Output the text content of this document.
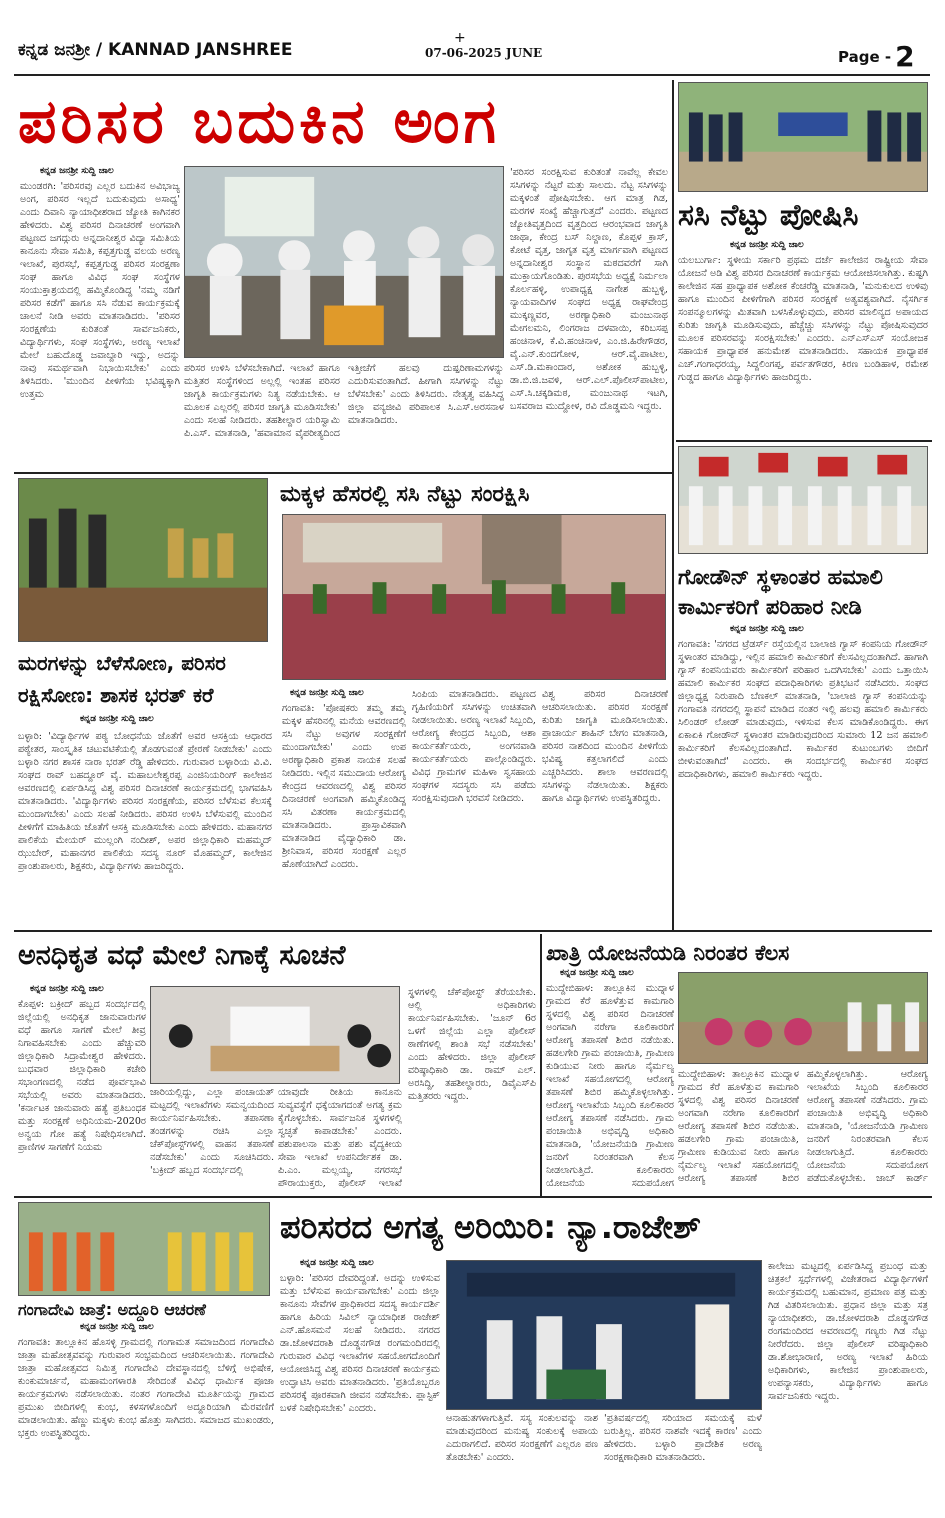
+
ಕನ್ನಡ ಜನಶ್ರೀ / KANNAD JANSHREE	07-06-2025 JUNE	Page - 2
ಪರಿಸರ ಬದುಕಿನ ಅಂಗ
ಕನ್ನಡ ಜನಶ್ರೀ ಸುದ್ದಿ ಜಾಲ
ಮುಂಡರಗಿ: 'ಪರಿಸರವು ಎಲ್ಲರ ಬದುಕಿನ ಅವಿಭಾಜ್ಯ ಅಂಗ, ಪರಿಸರ ಇಲ್ಲದೆ ಬದುಕುವುದು ಅಸಾಧ್ಯ' ಎಂದು ದಿವಾನಿ ನ್ಯಾಯಾಧೀಶರಾದ ಜ್ಯೋತಿ ಕಾಗಿನಕರ ಹೇಳಿದರು. ವಿಶ್ವ ಪರಿಸರ ದಿನಾಚರಣೆ ಅಂಗವಾಗಿ ಪಟ್ಟಣದ ಜಗದ್ಗುರು ಅನ್ನದಾನೀಶ್ವರ ವಿದ್ಯಾ ಸಮಿತಿಯ ಕಾನೂನು ಸೇವಾ ಸಮಿತಿ, ಕಪ್ಪತ್ತಗುಡ್ಡ ವಲಯ ಅರಣ್ಯ ಇಲಾಖೆ, ಪುರಸಭೆ, ಕಪ್ಪತ್ತಗುಡ್ಡ ಪರಿಸರ ಸಂರಕ್ಷಣಾ ಸಂಘ ಹಾಗೂ ವಿವಿಧ ಸಂಘ ಸಂಸ್ಥೆಗಳ ಸಂಯುಕ್ತಾಶ್ರಯದಲ್ಲಿ ಹಮ್ಮಿಕೊಂಡಿದ್ದ 'ನಮ್ಮ ನಡಿಗೆ ಪರಿಸರ ಕಡೆಗೆ' ಹಾಗೂ ಸಸಿ ನೆಡುವ ಕಾರ್ಯಕ್ರಮಕ್ಕೆ ಚಾಲನೆ ನೀಡಿ ಅವರು ಮಾತನಾಡಿದರು. 'ಪರಿಸರ ಸಂರಕ್ಷಣೆಯ ಕುರಿತಂತೆ ಸಾರ್ವಜನಿಕರು, ವಿದ್ಯಾರ್ಥಿಗಳು, ಸಂಘ ಸಂಸ್ಥೆಗಳು, ಅರಣ್ಯ ಇಲಾಖೆ ಮೇಲೆ ಬಹುದೊಡ್ಡ ಜವಾಬ್ದಾರಿ ಇದ್ದು, ಅದನ್ನು ನಾವು ಸಮರ್ಥವಾಗಿ ನಿಭಾಯಿಸಬೇಕು' ಎಂದು ತಿಳಿಸಿದರು. 'ಮುಂದಿನ ಪೀಳಿಗೆಯ ಭವಿಷ್ಯಕ್ಕಾಗಿ ಉತ್ತಮ
ಪರಿಸರ ಉಳಿಸಿ ಬೆಳೆಸಬೇಕಾಗಿದೆ. ಇಲಾಖೆ ಹಾಗೂ ಮತ್ತಿತರ ಸಂಸ್ಥೆಗಳಿಂದ ಅಲ್ಲಲ್ಲಿ ಇಂತಹ ಪರಿಸರ ಜಾಗೃತಿ ಕಾರ್ಯಕ್ರಮಗಳು ನಿತ್ಯ ನಡೆಯಬೇಕು. ಆ ಮೂಲಕ ಎಲ್ಲರಲ್ಲಿ ಪರಿಸರ ಜಾಗೃತಿ ಮೂಡಿಸಬೇಕು' ಎಂದು ಸಲಹೆ ನೀಡಿದರು. ತಹಶೀಲ್ದಾರ ಯರಿಸ್ವಾಮಿ ಪಿ.ಎಸ್. ಮಾತನಾಡಿ, 'ಹವಾಮಾನ ವೈಪರೀತ್ಯದಿಂದ ಇತ್ತೀಚೆಗೆ ಹಲವು ದುಷ್ಪರಿಣಾಮಗಳನ್ನು ಎದುರಿಸುವಂತಾಗಿದೆ. ಹೀಗಾಗಿ ಸಸಿಗಳನ್ನು ನೆಟ್ಟು ಬೆಳೆಸಬೇಕು' ಎಂದು ತಿಳಿಸಿದರು. ನೇತೃತ್ವ ವಹಿಸಿದ್ದ ಜಿಲ್ಲಾ ವನ್ಯಜೀವಿ ಪರಿಪಾಲಕ ಸಿ.ಎಸ್.ಅರಸನಾಳ ಮಾತನಾಡಿದರು.
'ಪರಿಸರ ಸಂರಕ್ಷಿಸುವ ಕುರಿತಂತೆ ನಾವೆಲ್ಲ ಕೇವಲ ಸಸಿಗಳನ್ನು ನೆಟ್ಟರೆ ಮತ್ತು ಸಾಲದು. ನೆಟ್ಟ ಸಸಿಗಳನ್ನು ಮಕ್ಕಳಂತೆ ಪೋಷಿಸಬೇಕು. ಆಗ ಮಾತ್ರ ಗಿಡ, ಮರಗಳ ಸಂಖ್ಯೆ ಹೆಚ್ಚಾಗುತ್ತದೆ' ಎಂದರು. ಪಟ್ಟಣದ ಜ್ಯೋತಿವೃತ್ತದಿಂದ ವೃತ್ತದಿಂದ ಆರಂಭವಾದ ಜಾಗೃತಿ ಜಾಥಾ, ಕೇಂದ್ರ ಬಸ್ ನಿಲ್ದಾಣ, ಕೊಪ್ಪಳ ಕ್ರಾಸ್, ಕೋಟೆ ವೃತ್ತ, ಜಾಗೃತ ವೃತ್ತ ಮಾರ್ಗವಾಗಿ ಪಟ್ಟಣದ ಅನ್ನದಾನೀಶ್ವರ ಸಂಸ್ಥಾನ ಮಠದವರೆಗೆ ಸಾಗಿ ಮುಕ್ತಾಯಗೊಂಡಿತು. ಪುರಸಭೆಯ ಅಧ್ಯಕ್ಷೆ ನಿರ್ಮಲಾ ಕೊರ್ಲಹಳ್ಳಿ, ಉಪಾಧ್ಯಕ್ಷ ನಾಗೇಶ ಹುಬ್ಬಳ್ಳಿ, ನ್ಯಾಯವಾದಿಗಳ ಸಂಘದ ಅಧ್ಯಕ್ಷ ರಾಘವೇಂದ್ರ ಮುಕ್ಕಣ್ಣವರ, ಅರಣ್ಯಾಧಿಕಾರಿ ಮಂಜುನಾಥ ಮೇಗಲಮನಿ, ಲಿಂಗರಾಜ ದಳವಾಯಿ, ಕರಿಬಸಪ್ಪ ಹಂಚಿನಾಳ, ಕೆ.ವಿ.ಹಂಚಿನಾಳ, ಎಂ.ಜಿ.ಹಿರೇಗೌಡರ, ವೈ.ಎನ್.ಕುಂದಗೋಳ, ಆರ್.ವೈ.ಪಾಟೀಲ, ಎಸ್.ಡಿ.ಮಕಾಂದಾರ, ಅಶೋಕ ಹುಬ್ಬಳ್ಳಿ, ಡಾ.ಬಿ.ಜಿ.ಜವಳಿ, ಆರ್.ಎಲ್.ಪೊಲೀಸ್‌ಪಾಟೀಲ, ಎಸ್.ಸಿ.ಚಕ್ಕಡಿಮಠ, ಮಂಜುನಾಥ ಇಟಗಿ, ಬಸವರಾಜ ಮುದ್ದೋಳ, ರವಿ ದೊಡ್ಡಮನಿ ಇದ್ದರು.
ಸಸಿ ನೆಟ್ಟು ಪೋಷಿಸಿ
ಕನ್ನಡ ಜನಶ್ರೀ ಸುದ್ದಿ ಜಾಲ
ಯಲಬುರ್ಗಾ: ಸ್ಥಳೀಯ ಸರ್ಕಾರಿ ಪ್ರಥಮ ದರ್ಜೆ ಕಾಲೇಜಿನ ರಾಷ್ಟ್ರೀಯ ಸೇವಾ ಯೋಜನೆ ಅಡಿ ವಿಶ್ವ ಪರಿಸರ ದಿನಾಚರಣೆ ಕಾರ್ಯಕ್ರಮ ಆಯೋಜಿಸಲಾಗಿತ್ತು. ಕುಷ್ಟಗಿ ಕಾಲೇಜಿನ ಸಹ ಪ್ರಾಧ್ಯಾಪಕ ಅಶೋಕ ಕೆಂಚರೆಡ್ಡಿ ಮಾತನಾಡಿ, 'ಮನುಕುಲದ ಉಳಿವು ಹಾಗೂ ಮುಂದಿನ ಪೀಳಿಗೆಗಾಗಿ ಪರಿಸರ ಸಂರಕ್ಷಣೆ ಅತ್ಯವಶ್ಯವಾಗಿದೆ. ನೈಸರ್ಗಿಕ ಸಂಪನ್ಮೂಲಗಳನ್ನು ಮಿತವಾಗಿ ಬಳಸಿಕೊಳ್ಳುವುದು, ಪರಿಸರ ಮಾಲಿನ್ಯದ ಅಪಾಯದ ಕುರಿತು ಜಾಗೃತಿ ಮೂಡಿಸುವುದು, ಹೆಚ್ಚೆಚ್ಚು ಸಸಿಗಳನ್ನು ನೆಟ್ಟು ಪೋಷಿಸುವುದರ ಮೂಲಕ ಪರಿಸರವನ್ನು ಸಂರಕ್ಷಿಸಬೇಕು' ಎಂದರು. ಎನ್‌ಎಸ್‌ಎಸ್ ಸಂಯೋಜಕ ಸಹಾಯಕ ಪ್ರಾಧ್ಯಾಪಕ ಹನುಮೇಶ ಮಾತನಾಡಿದರು. ಸಹಾಯಕ ಪ್ರಾಧ್ಯಾಪಕ ಎಚ್.ಗಂಗಾಧರಯ್ಯ, ಸಿದ್ದಲಿಂಗಪ್ಪ, ಪರ್ವತಗೌಡರ, ಕಿರಣ ಬಂಡಿಹಾಳ, ರಮೇಶ ಗುಡ್ಡದ ಹಾಗೂ ವಿದ್ಯಾರ್ಥಿಗಳು ಹಾಜರಿದ್ದರು.
ಮರಗಳನ್ನು ಬೆಳೆಸೋಣ, ಪರಿಸರ
ರಕ್ಷಿಸೋಣ: ಶಾಸಕ ಭರತ್ ಕರೆ
ಕನ್ನಡ ಜನಶ್ರೀ ಸುದ್ದಿ ಜಾಲ
ಬಳ್ಳಾರಿ: 'ವಿದ್ಯಾರ್ಥಿಗಳ ಪಠ್ಯ ಬೋಧನೆಯ ಜೊತೆಗೆ ಅವರ ಆಸಕ್ತಿಯ ಆಧಾರದ ಪಠ್ಯೇತರ, ಸಾಂಸ್ಕೃತಿಕ ಚಟುವಟಿಕೆಯಲ್ಲಿ ತೊಡಗುವಂತೆ ಪ್ರೇರಣೆ ನೀಡಬೇಕು' ಎಂದು ಬಳ್ಳಾರಿ ನಗರ ಶಾಸಕ ನಾರಾ ಭರತ್ ರೆಡ್ಡಿ ಹೇಳಿದರು. ಗುರುವಾರ ಬಳ್ಳಾರಿಯ ವಿ.ವಿ. ಸಂಘದ ರಾವ್ ಬಹದ್ದೂರ್ ವೈ. ಮಹಾಬಲೇಶ್ವರಪ್ಪ ಎಂಜಿನಿಯರಿಂಗ್ ಕಾಲೇಜಿನ ಆವರಣದಲ್ಲಿ ಏರ್ಪಡಿಸಿದ್ದ ವಿಶ್ವ ಪರಿಸರ ದಿನಾಚರಣೆ ಕಾರ್ಯಕ್ರಮದಲ್ಲಿ ಭಾಗವಹಿಸಿ ಮಾತನಾಡಿದರು. 'ವಿದ್ಯಾರ್ಥಿಗಳು ಪರಿಸರ ಸಂರಕ್ಷಣೆಯ, ಪರಿಸರ ಬೆಳೆಸುವ ಕೆಲಸಕ್ಕೆ ಮುಂದಾಗಬೇಕು' ಎಂದು ಸಲಹೆ ನೀಡಿದರು. ಪರಿಸರ ಉಳಿಸಿ ಬೆಳೆಸುವಲ್ಲಿ ಮುಂದಿನ ಪೀಳಿಗೆಗೆ ಮಾಹಿತಿಯ ಜೊತೆಗೆ ಆಸಕ್ತಿ ಮೂಡಿಸಬೇಕು ಎಂದು ಹೇಳಿದರು. ಮಹಾನಗರ ಪಾಲಿಕೆಯ ಮೇಯರ್ ಮುಲ್ಲಂಗಿ ನಂದೀಶ್, ಅಪರ ಜಿಲ್ಲಾಧಿಕಾರಿ ಮಹಮ್ಮದ್ ಝುಬೇರ್, ಮಹಾನಗರ ಪಾಲಿಕೆಯ ಸದಸ್ಯ ನೂರ್ ಮೊಹಮ್ಮದ್, ಕಾಲೇಜಿನ ಪ್ರಾಂಶುಪಾಲರು, ಶಿಕ್ಷಕರು, ವಿದ್ಯಾರ್ಥಿಗಳು ಹಾಜರಿದ್ದರು.
ಮಕ್ಕಳ ಹೆಸರಲ್ಲಿ ಸಸಿ ನೆಟ್ಟು ಸಂರಕ್ಷಿಸಿ
ಕನ್ನಡ ಜನಶ್ರೀ ಸುದ್ದಿ ಜಾಲ
ಗಂಗಾವತಿ: 'ಪೋಷಕರು ತಮ್ಮ ತಮ್ಮ ಮಕ್ಕಳ ಹೆಸರಿನಲ್ಲಿ ಮನೆಯ ಆವರಣದಲ್ಲಿ ಸಸಿ ನೆಟ್ಟು ಅವುಗಳ ಸಂರಕ್ಷಣೆಗೆ ಮುಂದಾಗಬೇಕು' ಎಂದು ಉಪ ಅರಣ್ಯಾಧಿಕಾರಿ ಪ್ರಕಾಶ ನಾಯಕ ಸಲಹೆ ನೀಡಿದರು. ಇಲ್ಲಿನ ಸಮುದಾಯ ಆರೋಗ್ಯ ಕೇಂದ್ರದ ಆವರಣದಲ್ಲಿ ವಿಶ್ವ ಪರಿಸರ ದಿನಾಚರಣೆ ಅಂಗವಾಗಿ ಹಮ್ಮಿಕೊಂಡಿದ್ದ ಸಸಿ ವಿತರಣಾ ಕಾರ್ಯಕ್ರಮದಲ್ಲಿ ಮಾತನಾಡಿದರು. ಪ್ರಾಸ್ತಾವಿಕವಾಗಿ ಮಾತನಾಡಿದ ವೈದ್ಯಾಧಿಕಾರಿ ಡಾ. ಶ್ರೀನಿವಾಸ, ಪರಿಸರ ಸಂರಕ್ಷಣೆ ಎಲ್ಲರ ಹೊಣೆಯಾಗಿದೆ ಎಂದರು.
ಸಿಂಪಿಯ ಮಾತನಾಡಿದರು. ಪಟ್ಟಣದ ಗೃಹಿಣಿಯರಿಗೆ ಸಸಿಗಳನ್ನು ಉಚಿತವಾಗಿ ನೀಡಲಾಯಿತು. ಅರಣ್ಯ ಇಲಾಖೆ ಸಿಬ್ಬಂದಿ, ಆರೋಗ್ಯ ಕೇಂದ್ರದ ಸಿಬ್ಬಂದಿ, ಆಶಾ ಕಾರ್ಯಕರ್ತೆಯರು, ಅಂಗನವಾಡಿ ಕಾರ್ಯಕರ್ತೆಯರು ಪಾಲ್ಗೊಂಡಿದ್ದರು. ವಿವಿಧ ಗ್ರಾಮಗಳ ಮಹಿಳಾ ಸ್ವಸಹಾಯ ಸಂಘಗಳ ಸದಸ್ಯರು ಸಸಿ ಪಡೆದು ಸಂರಕ್ಷಿಸುವುದಾಗಿ ಭರವಸೆ ನೀಡಿದರು.
ವಿಶ್ವ ಪರಿಸರ ದಿನಾಚರಣೆ ಆಚರಿಸಲಾಯಿತು. ಪರಿಸರ ಸಂರಕ್ಷಣೆ ಕುರಿತು ಜಾಗೃತಿ ಮೂಡಿಸಲಾಯಿತು. ಪ್ರಾಚಾರ್ಯ ಶಾಹಿನ್ ಬೇಗಂ ಮಾತನಾಡಿ, ಪರಿಸರ ನಾಶದಿಂದ ಮುಂದಿನ ಪೀಳಿಗೆಯ ಭವಿಷ್ಯ ಕತ್ತಲಾಗಲಿದೆ ಎಂದು ಎಚ್ಚರಿಸಿದರು. ಶಾಲಾ ಆವರಣದಲ್ಲಿ ಸಸಿಗಳನ್ನು ನೆಡಲಾಯಿತು. ಶಿಕ್ಷಕರು ಹಾಗೂ ವಿದ್ಯಾರ್ಥಿಗಳು ಉಪಸ್ಥಿತರಿದ್ದರು.
ಗೋಡೌನ್ ಸ್ಥಳಾಂತರ ಹಮಾಲಿ
ಕಾರ್ಮಿಕರಿಗೆ ಪರಿಹಾರ ನೀಡಿ
ಕನ್ನಡ ಜನಶ್ರೀ ಸುದ್ದಿ ಜಾಲ
ಗಂಗಾವತಿ: 'ನಗರದ ಟ್ರೆಡರ್ಸ್ ರಸ್ತೆಯಲ್ಲಿನ ಬಾಲಾಜಿ ಗ್ಯಾಸ್ ಕಂಪನಿಯ ಗೋಡೌನ್ ಸ್ಥಳಾಂತರ ಮಾಡಿದ್ದು, ಇಲ್ಲಿನ ಹಮಾಲಿ ಕಾರ್ಮಿಕರಿಗೆ ಕೆಲಸವಿಲ್ಲದಂತಾಗಿದೆ. ಹಾಗಾಗಿ ಗ್ಯಾಸ್ ಕಂಪನಿಯವರು ಕಾರ್ಮಿಕರಿಗೆ ಪರಿಹಾರ ಒದಗಿಸಬೇಕು' ಎಂದು ಒತ್ತಾಯಿಸಿ ಹಮಾಲಿ ಕಾರ್ಮಿಕರ ಸಂಘದ ಪದಾಧಿಕಾರಿಗಳು ಪ್ರತಿಭಟನೆ ನಡೆಸಿದರು. ಸಂಘದ ಜಿಲ್ಲಾಧ್ಯಕ್ಷ ನಿರುಪಾದಿ ಬೆಣಕಲ್ ಮಾತನಾಡಿ, 'ಬಾಲಾಜಿ ಗ್ಯಾಸ್ ಕಂಪನಿಯನ್ನು ಗಂಗಾವತಿ ನಗರದಲ್ಲಿ ಸ್ಥಾಪನೆ ಮಾಡಿದ ನಂತರ ಇಲ್ಲಿ ಹಲವು ಹಮಾಲಿ ಕಾರ್ಮಿಕರು ಸಿಲಿಂಡರ್ ಲೋಡ್ ಮಾಡುವುದು, ಇಳಿಸುವ ಕೆಲಸ ಮಾಡಿಕೊಂಡಿದ್ದರು. ಈಗ ಏಕಾಏಕಿ ಗೋಡೌನ್ ಸ್ಥಳಾಂತರ ಮಾಡಿರುವುದರಿಂದ ಸುಮಾರು 12 ಜನ ಹಮಾಲಿ ಕಾರ್ಮಿಕರಿಗೆ ಕೆಲಸವಿಲ್ಲದಂತಾಗಿದೆ. ಕಾರ್ಮಿಕರ ಕುಟುಂಬಗಳು ಬೀದಿಗೆ ಬೀಳುವಂತಾಗಿದೆ' ಎಂದರು. ಈ ಸಂದರ್ಭದಲ್ಲಿ ಕಾರ್ಮಿಕರ ಸಂಘದ ಪದಾಧಿಕಾರಿಗಳು, ಹಮಾಲಿ ಕಾರ್ಮಿಕರು ಇದ್ದರು.
ಅನಧಿಕೃತ ವಧೆ ಮೇಲೆ ನಿಗಾಕ್ಕೆ ಸೂಚನೆ
ಕನ್ನಡ ಜನಶ್ರೀ ಸುದ್ದಿ ಜಾಲ
ಕೊಪ್ಪಳ: ಬಕ್ರೀದ್ ಹಬ್ಬದ ಸಂದರ್ಭದಲ್ಲಿ ಜಿಲ್ಲೆಯಲ್ಲಿ ಅನಧಿಕೃತ ಜಾನುವಾರುಗಳ ವಧೆ ಹಾಗೂ ಸಾಗಣೆ ಮೇಲೆ ತೀವ್ರ ನಿಗಾವಹಿಸಬೇಕು ಎಂದು ಹೆಚ್ಚುವರಿ ಜಿಲ್ಲಾಧಿಕಾರಿ ಸಿದ್ರಾಮೇಶ್ವರ ಹೇಳಿದರು. ಬುಧವಾರ ಜಿಲ್ಲಾಧಿಕಾರಿ ಕಚೇರಿ ಸಭಾಂಗಣದಲ್ಲಿ ನಡೆದ ಪೂರ್ವಭಾವಿ ಸಭೆಯಲ್ಲಿ ಅವರು ಮಾತನಾಡಿದರು. 'ಕರ್ನಾಟಕ ಜಾನುವಾರು ಹತ್ಯೆ ಪ್ರತಿಬಂಧಕ ಮತ್ತು ಸಂರಕ್ಷಣೆ ಅಧಿನಿಯಮ-2020ರ ಅನ್ವಯ ಗೋ ಹತ್ಯೆ ನಿಷೇಧಿಸಲಾಗಿದೆ. ಪ್ರಾಣಿಗಳ ಸಾಗಣೆಗೆ ನಿಯಮ
ಜಾರಿಯಲ್ಲಿದ್ದು, ಎಲ್ಲಾ ಪಂಚಾಯತ್ ಮಟ್ಟದಲ್ಲಿ ಇಲಾಖೆಗಳು ಸಮನ್ವಯದಿಂದ ಕಾರ್ಯನಿರ್ವಹಿಸಬೇಕು. ತಪಾಸಣಾ ತಂಡಗಳನ್ನು ರಚಿಸಿ ಎಲ್ಲಾ ಚೆಕ್‌ಪೋಸ್ಟ್‌ಗಳಲ್ಲಿ ವಾಹನ ತಪಾಸಣೆ ನಡೆಸಬೇಕು' ಎಂದು ಸೂಚಿಸಿದರು. 'ಬಕ್ರೀದ್ ಹಬ್ಬದ ಸಂದರ್ಭದಲ್ಲಿ
ಯಾವುದೇ ರೀತಿಯ ಕಾನೂನು ಸುವ್ಯವಸ್ಥೆಗೆ ಧಕ್ಕೆಯಾಗದಂತೆ ಅಗತ್ಯ ಕ್ರಮ ಕೈಗೊಳ್ಳಬೇಕು. ಸಾರ್ವಜನಿಕ ಸ್ಥಳಗಳಲ್ಲಿ ಸ್ವಚ್ಛತೆ ಕಾಪಾಡಬೇಕು' ಎಂದರು. ಪಶುಪಾಲನಾ ಮತ್ತು ಪಶು ವೈದ್ಯಕೀಯ ಸೇವಾ ಇಲಾಖೆ ಉಪನಿರ್ದೇಶಕ ಡಾ. ಪಿ.ಎಂ. ಮಲ್ಲಯ್ಯ, ನಗರಸಭೆ ಪೌರಾಯುಕ್ತರು, ಪೊಲೀಸ್ ಇಲಾಖೆ
ಸ್ಥಳಗಳಲ್ಲಿ ಚೆಕ್‌ಪೋಸ್ಟ್ ತೆರೆಯಬೇಕು. ಆಲ್ಲಿ ಅಧಿಕಾರಿಗಳು ಕಾರ್ಯನಿರ್ವಹಿಸಬೇಕು. 'ಜೂನ್ 6ರ ಒಳಗೆ ಜಿಲ್ಲೆಯ ಎಲ್ಲಾ ಪೊಲೀಸ್ ಠಾಣೆಗಳಲ್ಲಿ ಶಾಂತಿ ಸಭೆ ನಡೆಸಬೇಕು' ಎಂದು ಹೇಳಿದರು. ಜಿಲ್ಲಾ ಪೊಲೀಸ್ ವರಿಷ್ಠಾಧಿಕಾರಿ ಡಾ. ರಾಮ್ ಎಲ್. ಅರಸಿದ್ದಿ, ತಹಶೀಲ್ದಾರರು, ಡಿವೈಎಸ್‌ಪಿ ಮತ್ತಿತರರು ಇದ್ದರು.
ಖಾತ್ರಿ ಯೋಜನೆಯಡಿ ನಿರಂತರ ಕೆಲಸ
ಕನ್ನಡ ಜನಶ್ರೀ ಸುದ್ದಿ ಜಾಲ
ಮುದ್ದೇಬಿಹಾಳ: ತಾಲ್ಲೂಕಿನ ಮುದ್ನಾಳ ಗ್ರಾಮದ ಕೆರೆ ಹೂಳೆತ್ತುವ ಕಾಮಗಾರಿ ಸ್ಥಳದಲ್ಲಿ ವಿಶ್ವ ಪರಿಸರ ದಿನಾಚರಣೆ ಅಂಗವಾಗಿ ನರೇಗಾ ಕೂಲಿಕಾರರಿಗೆ ಆರೋಗ್ಯ ತಪಾಸಣೆ ಶಿಬಿರ ನಡೆಯಿತು. ಹಡಲಗೇರಿ ಗ್ರಾಮ ಪಂಚಾಯಿತಿ, ಗ್ರಾಮೀಣ ಕುಡಿಯುವ ನೀರು ಹಾಗೂ ನೈರ್ಮಲ್ಯ ಇಲಾಖೆ ಸಹಯೋಗದಲ್ಲಿ ಆರೋಗ್ಯ ತಪಾಸಣೆ ಶಿಬಿರ ಹಮ್ಮಿಕೊಳ್ಳಲಾಗಿತ್ತು. ಆರೋಗ್ಯ ಇಲಾಖೆಯ ಸಿಬ್ಬಂದಿ ಕೂಲಿಕಾರರ ಆರೋಗ್ಯ ತಪಾಸಣೆ ನಡೆಸಿದರು. ಗ್ರಾಮ ಪಂಚಾಯಿತಿ ಅಭಿವೃದ್ಧಿ ಅಧಿಕಾರಿ ಮಾತನಾಡಿ, 'ಯೋಜನೆಯಡಿ ಗ್ರಾಮೀಣ ಜನರಿಗೆ ನಿರಂತರವಾಗಿ ಕೆಲಸ ನೀಡಲಾಗುತ್ತಿದೆ. ಕೂಲಿಕಾರರು ಯೋಜನೆಯ ಸದುಪಯೋಗ
ಮುದ್ದೇಬಿಹಾಳ: ತಾಲ್ಲೂಕಿನ ಮುದ್ನಾಳ ಗ್ರಾಮದ ಕೆರೆ ಹೂಳೆತ್ತುವ ಕಾಮಗಾರಿ ಸ್ಥಳದಲ್ಲಿ ವಿಶ್ವ ಪರಿಸರ ದಿನಾಚರಣೆ ಅಂಗವಾಗಿ ನರೇಗಾ ಕೂಲಿಕಾರರಿಗೆ ಆರೋಗ್ಯ ತಪಾಸಣೆ ಶಿಬಿರ ನಡೆಯಿತು. ಹಡಲಗೇರಿ ಗ್ರಾಮ ಪಂಚಾಯಿತಿ, ಗ್ರಾಮೀಣ ಕುಡಿಯುವ ನೀರು ಹಾಗೂ ನೈರ್ಮಲ್ಯ ಇಲಾಖೆ ಸಹಯೋಗದಲ್ಲಿ ಆರೋಗ್ಯ ತಪಾಸಣೆ ಶಿಬಿರ ಹಮ್ಮಿಕೊಳ್ಳಲಾಗಿತ್ತು. ಆರೋಗ್ಯ ಇಲಾಖೆಯ ಸಿಬ್ಬಂದಿ ಕೂಲಿಕಾರರ ಆರೋಗ್ಯ ತಪಾಸಣೆ ನಡೆಸಿದರು. ಗ್ರಾಮ ಪಂಚಾಯಿತಿ ಅಭಿವೃದ್ಧಿ ಅಧಿಕಾರಿ ಮಾತನಾಡಿ, 'ಯೋಜನೆಯಡಿ ಗ್ರಾಮೀಣ ಜನರಿಗೆ ನಿರಂತರವಾಗಿ ಕೆಲಸ ನೀಡಲಾಗುತ್ತಿದೆ. ಕೂಲಿಕಾರರು ಯೋಜನೆಯ ಸದುಪಯೋಗ ಪಡೆದುಕೊಳ್ಳಬೇಕು. ಜಾಬ್ ಕಾರ್ಡ್
ಗಂಗಾದೇವಿ ಜಾತ್ರೆ: ಅದ್ದೂರಿ ಆಚರಣೆ
ಕನ್ನಡ ಜನಶ್ರೀ ಸುದ್ದಿ ಜಾಲ
ಗಂಗಾವತಿ: ತಾಲ್ಲೂಕಿನ ಹೊಸಳ್ಳಿ ಗ್ರಾಮದಲ್ಲಿ ಗಂಗಾಮತ ಸಮಾಜದಿಂದ ಗಂಗಾದೇವಿ ಜಾತ್ರಾ ಮಹೋತ್ಸವವನ್ನು ಗುರುವಾರ ಸಂಭ್ರಮದಿಂದ ಆಚರಿಸಲಾಯಿತು. ಗಂಗಾದೇವಿ ಜಾತ್ರಾ ಮಹೋತ್ಸವದ ನಿಮಿತ್ತ ಗಂಗಾದೇವಿ ದೇವಸ್ಥಾನದಲ್ಲಿ ಬೆಳಿಗ್ಗೆ ಅಭಿಷೇಕ, ಕುಂಕುಮಾರ್ಚನೆ, ಮಹಾಮಂಗಳಾರತಿ ಸೇರಿದಂತೆ ವಿವಿಧ ಧಾರ್ಮಿಕ ಪೂಜಾ ಕಾರ್ಯಕ್ರಮಗಳು ನಡೆಸಲಾಯಿತು. ನಂತರ ಗಂಗಾದೇವಿ ಮೂರ್ತಿಯನ್ನು ಗ್ರಾಮದ ಪ್ರಮುಖ ಬೀದಿಗಳಲ್ಲಿ ಕುಂಭ, ಕಳಸಗಳೊಂದಿಗೆ ಅದ್ದೂರಿಯಾಗಿ ಮೆರವಣಿಗೆ ಮಾಡಲಾಯಿತು. ಹೆಣ್ಣು ಮಕ್ಕಳು ಕುಂಭ ಹೊತ್ತು ಸಾಗಿದರು. ಸಮಾಜದ ಮುಖಂಡರು, ಭಕ್ತರು ಉಪಸ್ಥಿತರಿದ್ದರು.
ಪರಿಸರದ ಅಗತ್ಯ ಅರಿಯಿರಿ: ನ್ಯಾ.ರಾಜೇಶ್
ಕನ್ನಡ ಜನಶ್ರೀ ಸುದ್ದಿ ಜಾಲ
ಬಳ್ಳಾರಿ: 'ಪರಿಸರ ದೇವರಿದ್ದಂತೆ. ಅದನ್ನು ಉಳಿಸುವ ಮತ್ತು ಬೆಳೆಸುವ ಕಾರ್ಯವಾಗಬೇಕು' ಎಂದು ಜಿಲ್ಲಾ ಕಾನೂನು ಸೇವೆಗಳ ಪ್ರಾಧಿಕಾರದ ಸದಸ್ಯ ಕಾರ್ಯದರ್ಶಿ ಹಾಗೂ ಹಿರಿಯ ಸಿವಿಲ್ ನ್ಯಾಯಾಧೀಶ ರಾಜೇಶ್ ಎನ್.ಹೊಸಮನೆ ಸಲಹೆ ನೀಡಿದರು. ನಗರದ ಡಾ.ಜೋಳದರಾಶಿ ದೊಡ್ಡನಗೌಡ ರಂಗಮಂದಿರದಲ್ಲಿ ಗುರುವಾರ ವಿವಿಧ ಇಲಾಖೆಗಳ ಸಹಯೋಗದೊಂದಿಗೆ ಆಯೋಜಿಸಿದ್ದ ವಿಶ್ವ ಪರಿಸರ ದಿನಾಚರಣೆ ಕಾರ್ಯಕ್ರಮ ಉದ್ಘಾಟಿಸಿ ಅವರು ಮಾತನಾಡಿದರು. 'ಪ್ರತಿಯೊಬ್ಬರೂ ಪರಿಸರಕ್ಕೆ ಪೂರಕವಾಗಿ ಜೀವನ ನಡೆಸಬೇಕು. ಪ್ಲಾಸ್ಟಿಕ್ ಬಳಕೆ ನಿಷೇಧಿಸಬೇಕು' ಎಂದರು.
ಆನಾಹುತಗಳಾಗುತ್ತಿವೆ. ಸಸ್ಯ ಸಂಕುಲವನ್ನು ನಾಶ ಮಾಡುವುದರಿಂದ ಮನುಷ್ಯ ಸಂಕುಲಕ್ಕೆ ಅಪಾಯ ಎದುರಾಗಲಿದೆ. ಪರಿಸರ ಸಂರಕ್ಷಣೆಗೆ ಎಲ್ಲರೂ ಪಣ ತೊಡಬೇಕು' ಎಂದರು.
'ಪ್ರತಿವರ್ಷದಲ್ಲಿ ಸರಿಯಾದ ಸಮಯಕ್ಕೆ ಮಳೆ ಬರುತ್ತಿಲ್ಲ. ಪರಿಸರ ನಾಶವೇ ಇದಕ್ಕೆ ಕಾರಣ' ಎಂದು ಹೇಳಿದರು. ಬಳ್ಳಾರಿ ಪ್ರಾದೇಶಿಕ ಅರಣ್ಯ ಸಂರಕ್ಷಣಾಧಿಕಾರಿ ಮಾತನಾಡಿದರು.
ಕಾಲೇಜು ಮಟ್ಟದಲ್ಲಿ ಏರ್ಪಡಿಸಿದ್ದ ಪ್ರಬಂಧ ಮತ್ತು ಚಿತ್ರಕಲೆ ಸ್ಪರ್ಧೆಗಳಲ್ಲಿ ವಿಜೇತರಾದ ವಿದ್ಯಾರ್ಥಿಗಳಿಗೆ ಕಾರ್ಯಕ್ರಮದಲ್ಲಿ ಬಹುಮಾನ, ಪ್ರಮಾಣ ಪತ್ರ ಮತ್ತು ಗಿಡ ವಿತರಿಸಲಾಯಿತು. ಪ್ರಧಾನ ಜಿಲ್ಲಾ ಮತ್ತು ಸತ್ರ ನ್ಯಾಯಾಧೀಶರು, ಡಾ.ಜೋಳದರಾಶಿ ದೊಡ್ಡನಗೌಡ ರಂಗಮಂದಿರದ ಆವರಣದಲ್ಲಿ ಗಣ್ಯರು ಗಿಡ ನೆಟ್ಟು ನೀರೆರೆದರು. ಜಿಲ್ಲಾ ಪೊಲೀಸ್ ವರಿಷ್ಠಾಧಿಕಾರಿ ಡಾ.ಶೋಭಾರಾಣಿ, ಅರಣ್ಯ ಇಲಾಖೆ ಹಿರಿಯ ಅಧಿಕಾರಿಗಳು, ಕಾಲೇಜಿನ ಪ್ರಾಂಶುಪಾಲರು, ಉಪನ್ಯಾಸಕರು, ವಿದ್ಯಾರ್ಥಿಗಳು ಹಾಗೂ ಸಾರ್ವಜನಿಕರು ಇದ್ದರು.
